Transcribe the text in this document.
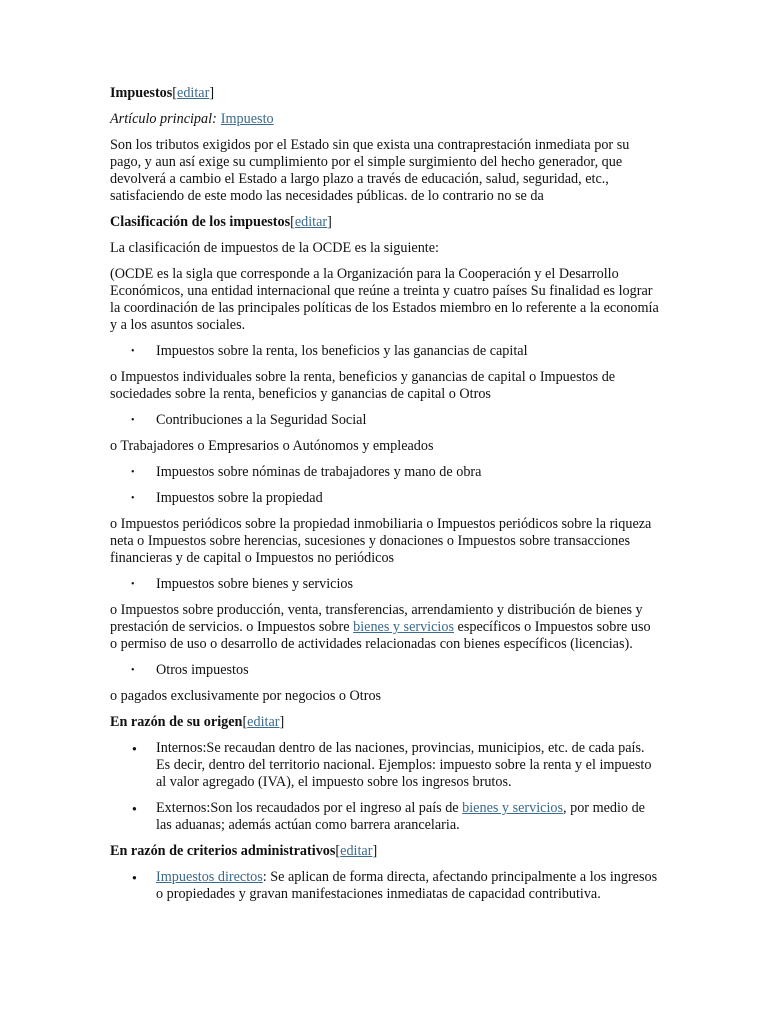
Impuestos[editar]

Artículo principal: Impuesto

Son los tributos exigidos por el Estado sin que exista una contraprestación inmediata por su pago, y aun así exige su cumplimiento por el simple surgimiento del hecho generador, que devolverá a cambio el Estado a largo plazo a través de educación, salud, seguridad, etc., satisfaciendo de este modo las necesidades públicas. de lo contrario no se da

Clasificación de los impuestos[editar]

La clasificación de impuestos de la OCDE es la siguiente:

(OCDE es la sigla que corresponde a la Organización para la Cooperación y el Desarrollo Económicos, una entidad internacional que reúne a treinta y cuatro países Su finalidad es lograr la coordinación de las principales políticas de los Estados miembro en lo referente a la economía y a los asuntos sociales.

• Impuestos sobre la renta, los beneficios y las ganancias de capital

o Impuestos individuales sobre la renta, beneficios y ganancias de capital o Impuestos de sociedades sobre la renta, beneficios y ganancias de capital o Otros

• Contribuciones a la Seguridad Social

o Trabajadores o Empresarios o Autónomos y empleados

• Impuestos sobre nóminas de trabajadores y mano de obra
• Impuestos sobre la propiedad

o Impuestos periódicos sobre la propiedad inmobiliaria o Impuestos periódicos sobre la riqueza neta o Impuestos sobre herencias, sucesiones y donaciones o Impuestos sobre transacciones financieras y de capital o Impuestos no periódicos

• Impuestos sobre bienes y servicios

o Impuestos sobre producción, venta, transferencias, arrendamiento y distribución de bienes y prestación de servicios. o Impuestos sobre bienes y servicios específicos o Impuestos sobre uso o permiso de uso o desarrollo de actividades relacionadas con bienes específicos (licencias).

• Otros impuestos

o pagados exclusivamente por negocios o Otros

En razón de su origen[editar]

● Internos:Se recaudan dentro de las naciones, provincias, municipios, etc. de cada país. Es decir, dentro del territorio nacional. Ejemplos: impuesto sobre la renta y el impuesto al valor agregado (IVA), el impuesto sobre los ingresos brutos.
● Externos:Son los recaudados por el ingreso al país de bienes y servicios, por medio de las aduanas; además actúan como barrera arancelaria.

En razón de criterios administrativos[editar]

● Impuestos directos: Se aplican de forma directa, afectando principalmente a los ingresos o propiedades y gravan manifestaciones inmediatas de capacidad contributiva.
